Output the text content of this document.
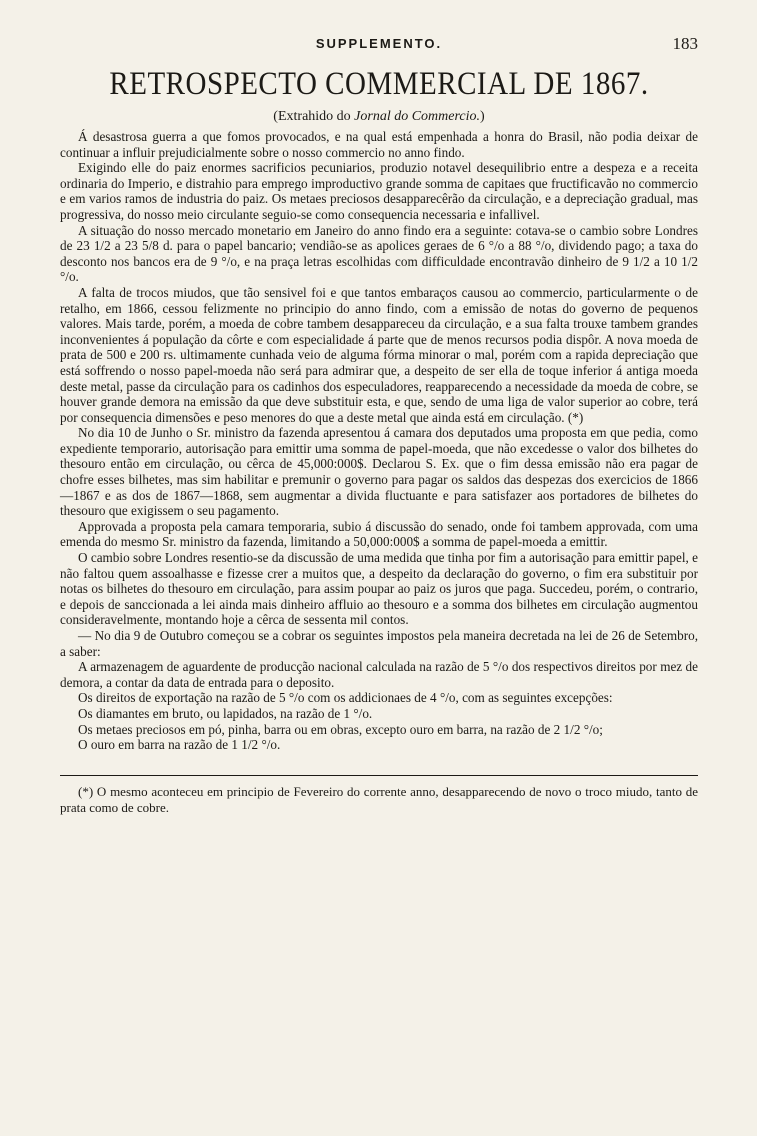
SUPPLEMENTO.	183
RETROSPECTO COMMERCIAL DE 1867.
(Extrahido do Jornal do Commercio.)

Á desastrosa guerra a que fomos provocados, e na qual está empenhada a honra do Brasil, não podia deixar de continuar a influir prejudicialmente sobre o nosso commercio no anno findo.

Exigindo elle do paiz enormes sacrificios pecuniarios, produzio notavel desequilibrio entre a despeza e a receita ordinaria do Imperio, e distrahio para emprego improductivo grande somma de capitaes que fructificavão no commercio e em varios ramos de industria do paiz. Os metaes preciosos desapparecêrão da circulação, e a depreciação gradual, mas progressiva, do nosso meio circulante seguio-se como consequencia necessaria e infallivel.

A situação do nosso mercado monetario em Janeiro do anno findo era a seguinte: cotava-se o cambio sobre Londres de 23 1/2 a 23 5/8 d. para o papel bancario; vendião-se as apolices geraes de 6 °/o a 88 °/o, dividendo pago; a taxa do desconto nos bancos era de 9 °/o, e na praça letras escolhidas com difficuldade encontravão dinheiro de 9 1/2 a 10 1/2 °/o.

A falta de trocos miudos, que tão sensivel foi e que tantos embaraços causou ao commercio, particularmente o de retalho, em 1866, cessou felizmente no principio do anno findo, com a emissão de notas do governo de pequenos valores. Mais tarde, porém, a moeda de cobre tambem desappareceu da circulação, e a sua falta trouxe tambem grandes inconvenientes á população da côrte e com especialidade á parte que de menos recursos podia dispôr. A nova moeda de prata de 500 e 200 rs. ultimamente cunhada veio de alguma fórma minorar o mal, porém com a rapida depreciação que está soffrendo o nosso papel-moeda não será para admirar que, a despeito de ser ella de toque inferior á antiga moeda deste metal, passe da circulação para os cadinhos dos especuladores, reapparecendo a necessidade da moeda de cobre, se houver grande demora na emissão da que deve substituir esta, e que, sendo de uma liga de valor superior ao cobre, terá por consequencia dimensões e peso menores do que a deste metal que ainda está em circulação. (*)

No dia 10 de Junho o Sr. ministro da fazenda apresentou á camara dos deputados uma proposta em que pedia, como expediente temporario, autorisação para emittir uma somma de papel-moeda, que não excedesse o valor dos bilhetes do thesouro então em circulação, ou cêrca de 45,000:000$. Declarou S. Ex. que o fim dessa emissão não era pagar de chofre esses bilhetes, mas sim habilitar e premunir o governo para pagar os saldos das despezas dos exercicios de 1866—1867 e as dos de 1867—1868, sem augmentar a divida fluctuante e para satisfazer aos portadores de bilhetes do thesouro que exigissem o seu pagamento.

Approvada a proposta pela camara temporaria, subio á discussão do senado, onde foi tambem approvada, com uma emenda do mesmo Sr. ministro da fazenda, limitando a 50,000:000$ a somma de papel-moeda a emittir.

O cambio sobre Londres resentio-se da discussão de uma medida que tinha por fim a autorisação para emittir papel, e não faltou quem assoalhasse e fizesse crer a muitos que, a despeito da declaração do governo, o fim era substituir por notas os bilhetes do thesouro em circulação, para assim poupar ao paiz os juros que paga. Succedeu, porém, o contrario, e depois de sanccionada a lei ainda mais dinheiro affluio ao thesouro e a somma dos bilhetes em circulação augmentou consideravelmente, montando hoje a cêrca de sessenta mil contos.

— No dia 9 de Outubro começou se a cobrar os seguintes impostos pela maneira decretada na lei de 26 de Setembro, a saber:

A armazenagem de aguardente de producção nacional calculada na razão de 5 °/o dos respectivos direitos por mez de demora, a contar da data de entrada para o deposito.

Os direitos de exportação na razão de 5 °/o com os addicionaes de 4 °/o, com as seguintes excepções:

Os diamantes em bruto, ou lapidados, na razão de 1 °/o.

Os metaes preciosos em pó, pinha, barra ou em obras, excepto ouro em barra, na razão de 2 1/2 °/o;

O ouro em barra na razão de 1 1/2 °/o.

(*) O mesmo aconteceu em principio de Fevereiro do corrente anno, desapparecendo de novo o troco miudo, tanto de prata como de cobre.
